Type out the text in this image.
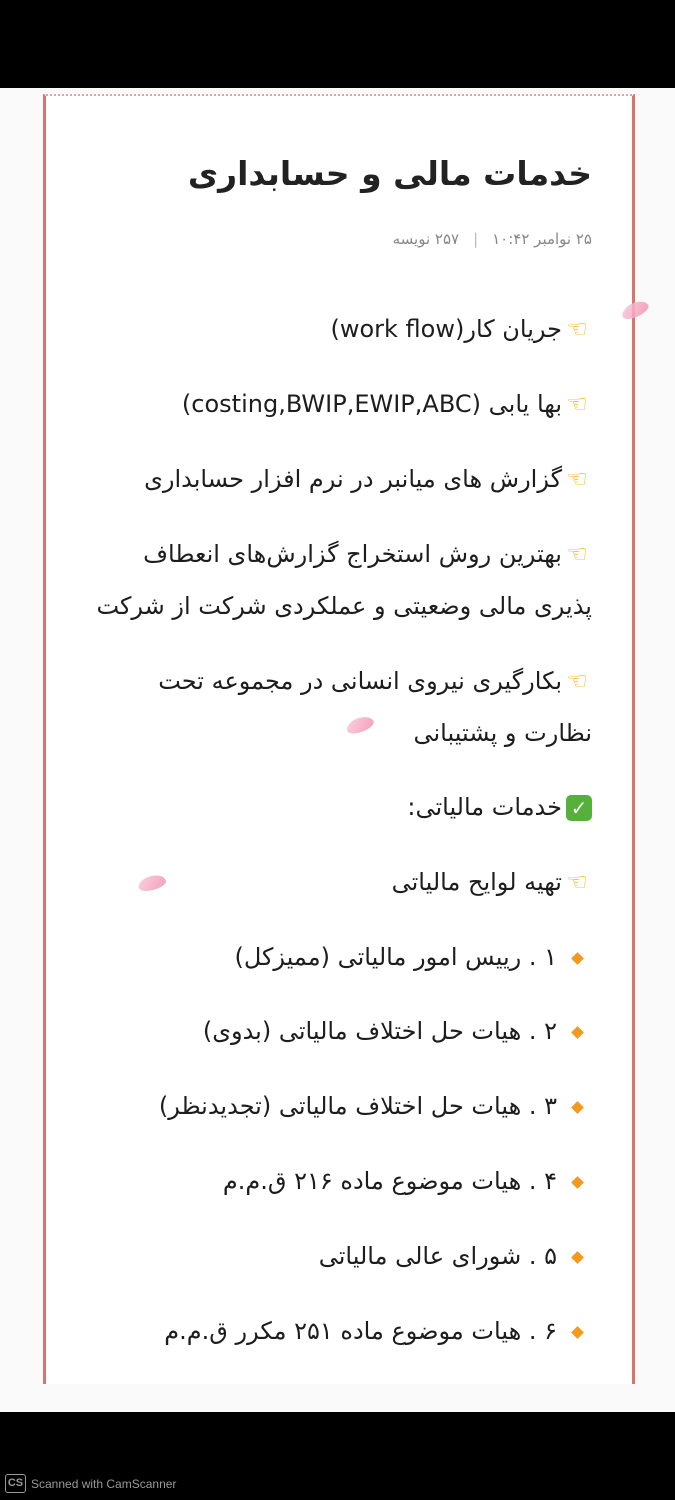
خدمات مالی و حسابداری
۲۵ نوامبر ۱۰:۴۲|۲۵۷ نویسه
☜جریان کار(work flow)
☜بها یابی (costing,BWIP,EWIP,ABC)
☜گزارش های میانبر در نرم افزار حسابداری
☜بهترین روش استخراج گزارش‌های انعطاف
پذیری مالی وضعیتی و عملکردی شرکت از شرکت
☜بکارگیری نیروی انسانی در مجموعه تحت
نظارت و پشتیبانی
✓خدمات مالیاتی:
☜تهیه لوایح مالیاتی
۱ . رییس امور مالیاتی (ممیزکل)
۲ . هیات حل اختلاف مالیاتی (بدوی)
۳ . هیات حل اختلاف مالیاتی (تجدیدنظر)
۴ . هیات موضوع ماده ۲۱۶ ق.م.م
۵ . شورای عالی مالیاتی
۶ . هیات موضوع ماده ۲۵۱ مکرر ق.م.م
CS Scanned with CamScanner
